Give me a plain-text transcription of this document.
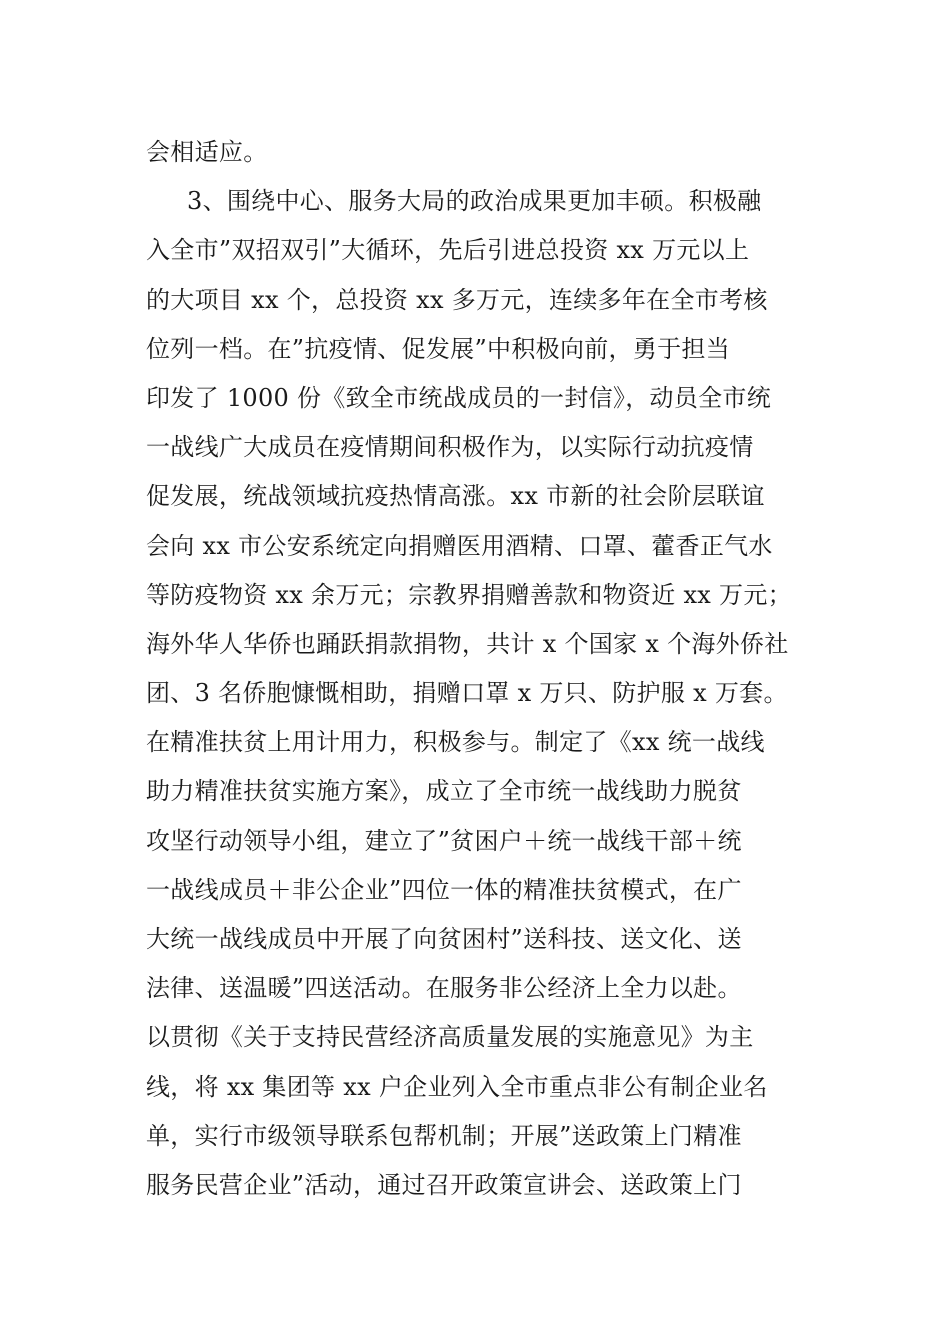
会相适应。
3、围绕中心、服务大局的政治成果更加丰硕。积极融
入全市”双招双引”大循环，先后引进总投资 xx 万元以上
的大项目 xx 个，总投资 xx 多万元，连续多年在全市考核
位列一档。在”抗疫情、促发展”中积极向前，勇于担当
印发了 1000 份《致全市统战成员的一封信》，动员全市统
一战线广大成员在疫情期间积极作为，以实际行动抗疫情
促发展，统战领域抗疫热情高涨。xx 市新的社会阶层联谊
会向 xx 市公安系统定向捐赠医用酒精、口罩、藿香正气水
等防疫物资 xx 余万元；宗教界捐赠善款和物资近 xx 万元；
海外华人华侨也踊跃捐款捐物，共计 x 个国家 x 个海外侨社
团、3 名侨胞慷慨相助，捐赠口罩 x 万只、防护服 x 万套。
在精准扶贫上用计用力，积极参与。制定了《xx 统一战线
助力精准扶贫实施方案》，成立了全市统一战线助力脱贫
攻坚行动领导小组，建立了”贫困户＋统一战线干部＋统
一战线成员＋非公企业”四位一体的精准扶贫模式，在广
大统一战线成员中开展了向贫困村”送科技、送文化、送
法律、送温暖”四送活动。在服务非公经济上全力以赴。
以贯彻《关于支持民营经济高质量发展的实施意见》为主
线，将 xx 集团等 xx 户企业列入全市重点非公有制企业名
单，实行市级领导联系包帮机制；开展”送政策上门精准
服务民营企业”活动，通过召开政策宣讲会、送政策上门
